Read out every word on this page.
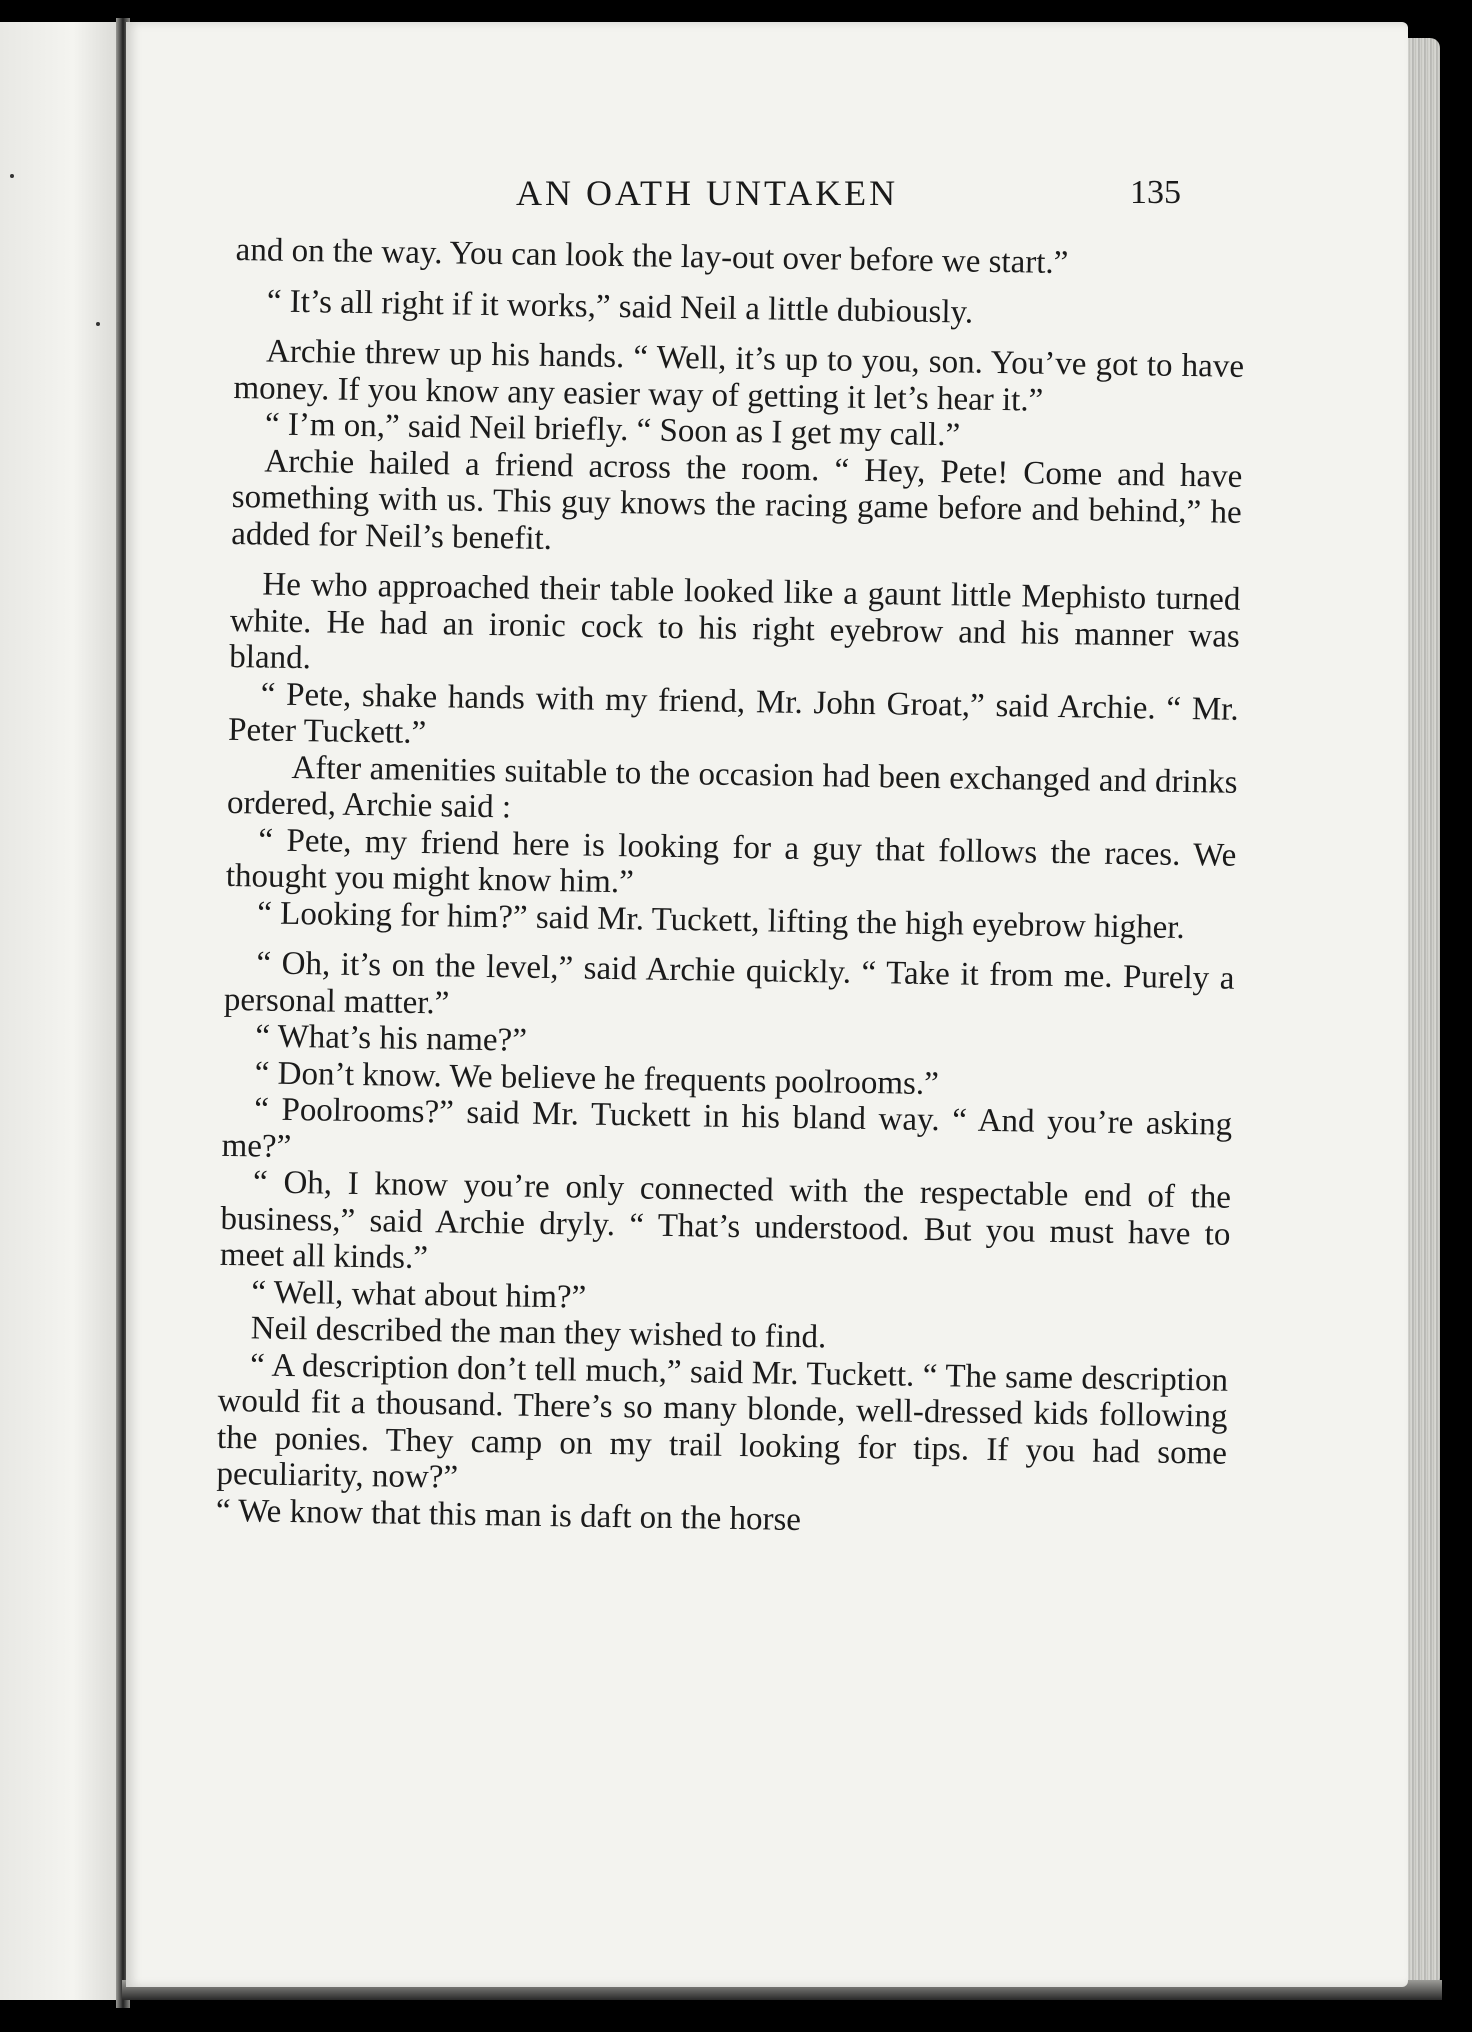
AN OATH UNTAKEN	135

and on the way. You can look the lay-out over before we start.”

“ It’s all right if it works,” said Neil a little dubiously.

Archie threw up his hands. “ Well, it’s up to you, son. You’ve got to have money. If you know any easier way of getting it let’s hear it.”

“ I’m on,” said Neil briefly. “ Soon as I get my call.”

Archie hailed a friend across the room. “ Hey, Pete! Come and have something with us. This guy knows the racing game before and behind,” he added for Neil’s benefit.

He who approached their table looked like a gaunt little Mephisto turned white. He had an ironic cock to his right eyebrow and his manner was bland.

“ Pete, shake hands with my friend, Mr. John Groat,” said Archie. “ Mr. Peter Tuckett.”

After amenities suitable to the occasion had been exchanged and drinks ordered, Archie said :

“ Pete, my friend here is looking for a guy that follows the races. We thought you might know him.”

“ Looking for him?” said Mr. Tuckett, lifting the high eyebrow higher.

“ Oh, it’s on the level,” said Archie quickly. “ Take it from me. Purely a personal matter.”

“ What’s his name?”

“ Don’t know. We believe he frequents poolrooms.”

“ Poolrooms?” said Mr. Tuckett in his bland way. “ And you’re asking me?”

“ Oh, I know you’re only connected with the respectable end of the business,” said Archie dryly. “ That’s understood. But you must have to meet all kinds.”

“ Well, what about him?”

Neil described the man they wished to find.

“ A description don’t tell much,” said Mr. Tuckett. “ The same description would fit a thousand. There’s so many blonde, well-dressed kids following the ponies. They camp on my trail looking for tips. If you had some peculiarity, now?”

“ We know that this man is daft on the horse
